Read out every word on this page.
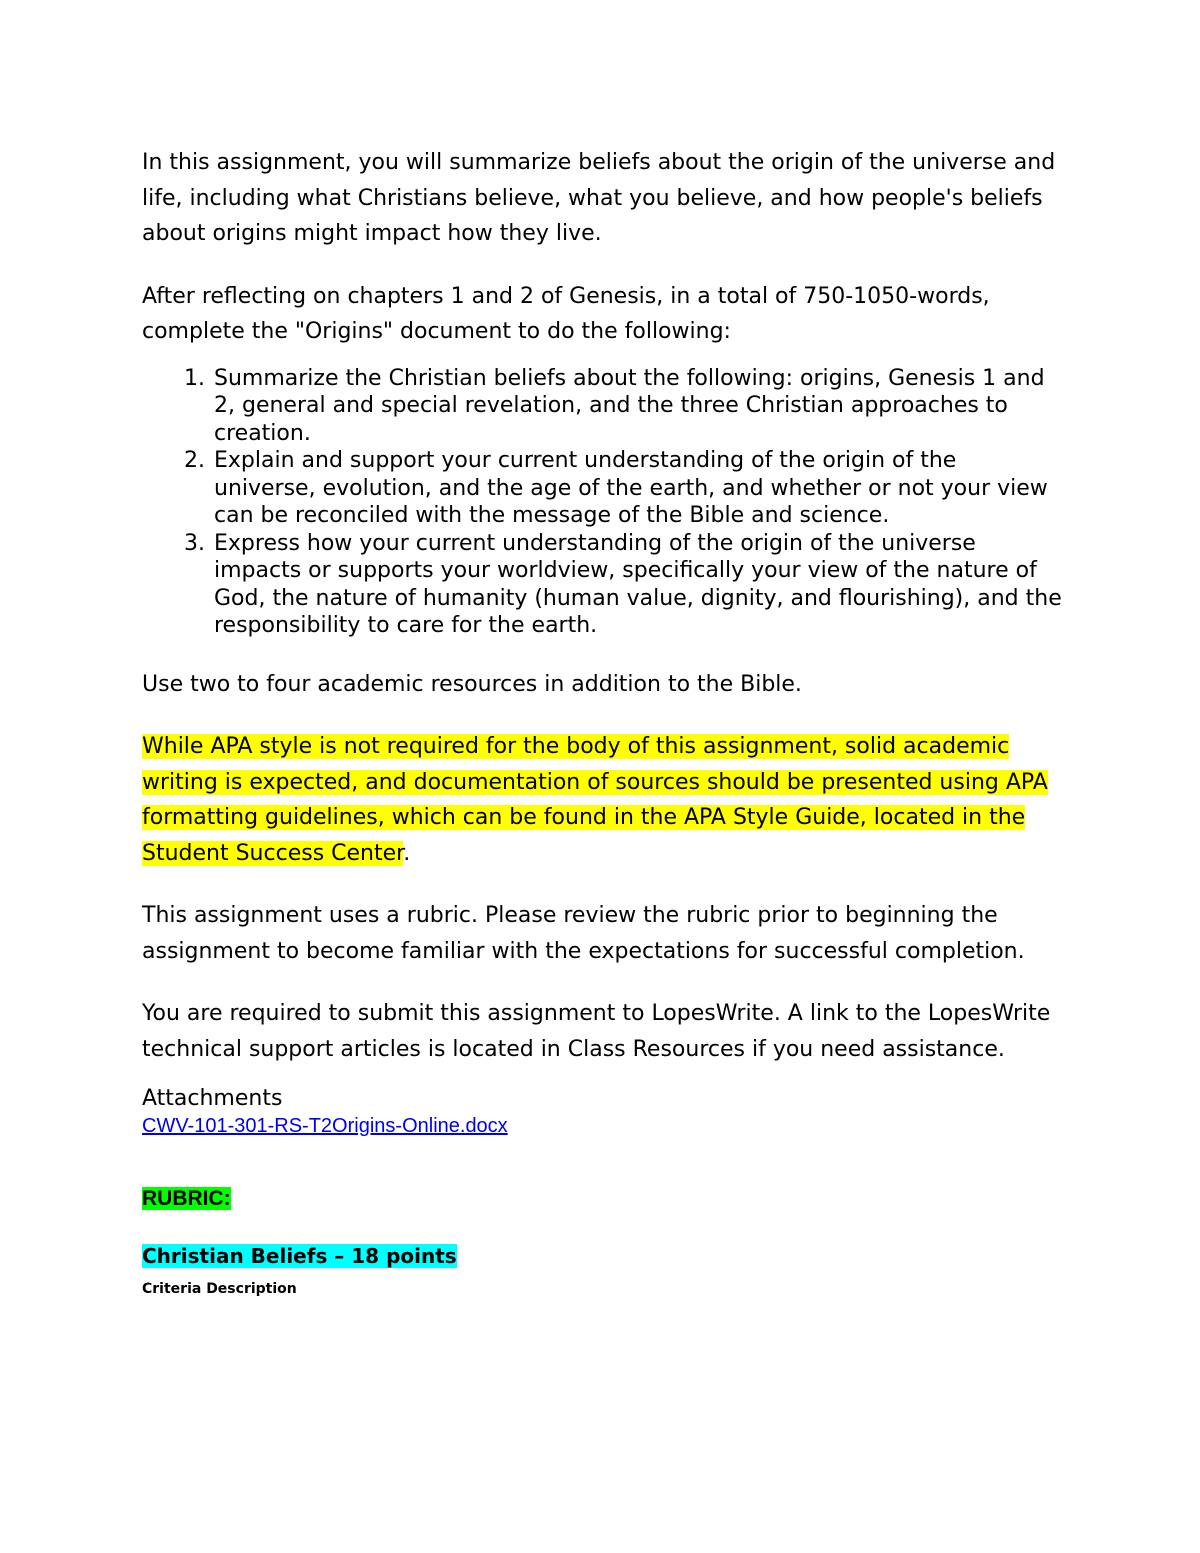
In this assignment, you will summarize beliefs about the origin of the universe and life, including what Christians believe, what you believe, and how people's beliefs about origins might impact how they live.

After reflecting on chapters 1 and 2 of Genesis, in a total of 750-1050-words, complete the "Origins" document to do the following:

1. Summarize the Christian beliefs about the following: origins, Genesis 1 and 2, general and special revelation, and the three Christian approaches to creation.
2. Explain and support your current understanding of the origin of the universe, evolution, and the age of the earth, and whether or not your view can be reconciled with the message of the Bible and science.
3. Express how your current understanding of the origin of the universe impacts or supports your worldview, specifically your view of the nature of God, the nature of humanity (human value, dignity, and flourishing), and the responsibility to care for the earth.

Use two to four academic resources in addition to the Bible.

While APA style is not required for the body of this assignment, solid academic writing is expected, and documentation of sources should be presented using APA formatting guidelines, which can be found in the APA Style Guide, located in the Student Success Center.

This assignment uses a rubric. Please review the rubric prior to beginning the assignment to become familiar with the expectations for successful completion.

You are required to submit this assignment to LopesWrite. A link to the LopesWrite technical support articles is located in Class Resources if you need assistance.

Attachments
CWV-101-301-RS-T2Origins-Online.docx
RUBRIC:
Christian Beliefs – 18 points
Criteria Description
